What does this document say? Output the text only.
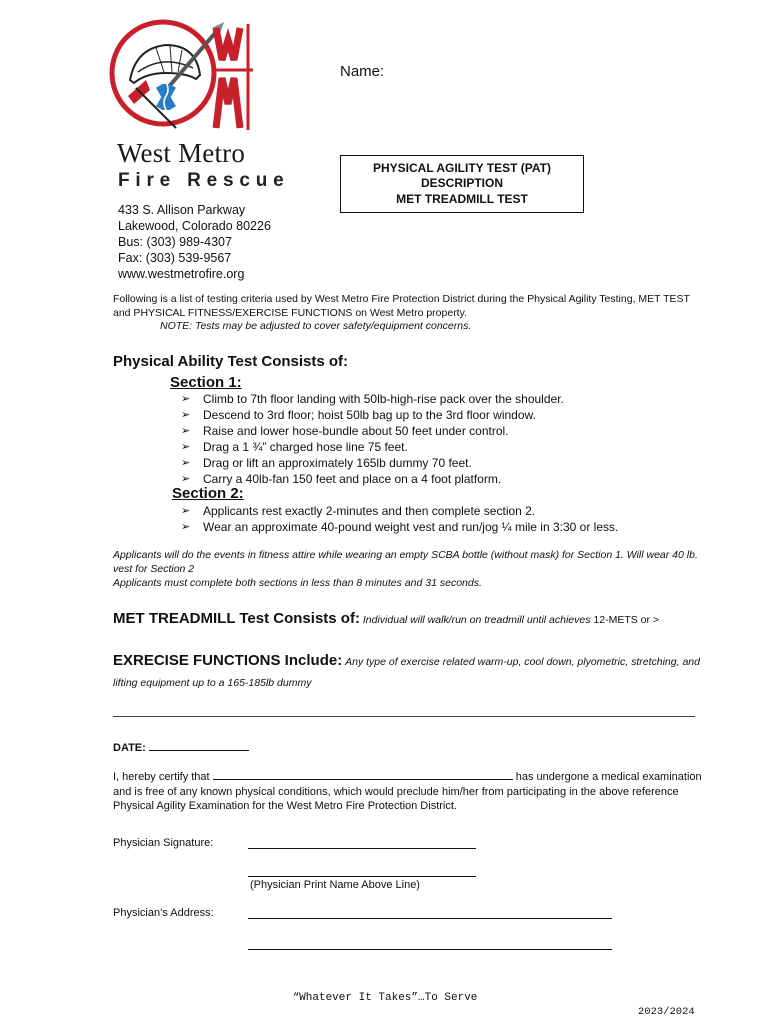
West Metro
Fire Rescue
Name:
PHYSICAL AGILITY TEST (PAT)
DESCRIPTION
MET TREADMILL TEST
433 S. Allison Parkway
Lakewood, Colorado 80226
Bus: (303) 989-4307
Fax: (303) 539-9567
www.westmetrofire.org
Following is a list of testing criteria used by West Metro Fire Protection District during the Physical Agility Testing, MET TEST and PHYSICAL FITNESS/EXERCISE FUNCTIONS on West Metro property.
NOTE: Tests may be adjusted to cover safety/equipment concerns.
Physical Ability Test Consists of:
Section 1:
➢ Climb to 7th floor landing with 50lb-high-rise pack over the shoulder.
➢ Descend to 3rd floor; hoist 50lb bag up to the 3rd floor window.
➢ Raise and lower hose-bundle about 50 feet under control.
➢ Drag a 1 ¾” charged hose line 75 feet.
➢ Drag or lift an approximately 165lb dummy 70 feet.
➢ Carry a 40lb-fan 150 feet and place on a 4 foot platform.
Section 2:
➢ Applicants rest exactly 2-minutes and then complete section 2.
➢ Wear an approximate 40-pound weight vest and run/jog ¼ mile in 3:30 or less.
Applicants will do the events in fitness attire while wearing an empty SCBA bottle (without mask) for Section 1. Will wear 40 lb. vest for Section 2
Applicants must complete both sections in less than 8 minutes and 31 seconds.
MET TREADMILL Test Consists of: Individual will walk/run on treadmill until achieves 12-METS or >
EXRECISE FUNCTIONS Include: Any type of exercise related warm-up, cool down, plyometric, stretching, and lifting equipment up to a 165-185lb dummy
DATE:
I, hereby certify that	has undergone a medical examination and is free of any known physical conditions, which would preclude him/her from participating in the above reference Physical Agility Examination for the West Metro Fire Protection District.
Physician Signature:
(Physician Print Name Above Line)
Physician’s Address:
“Whatever It Takes”…To Serve
2023/2024
